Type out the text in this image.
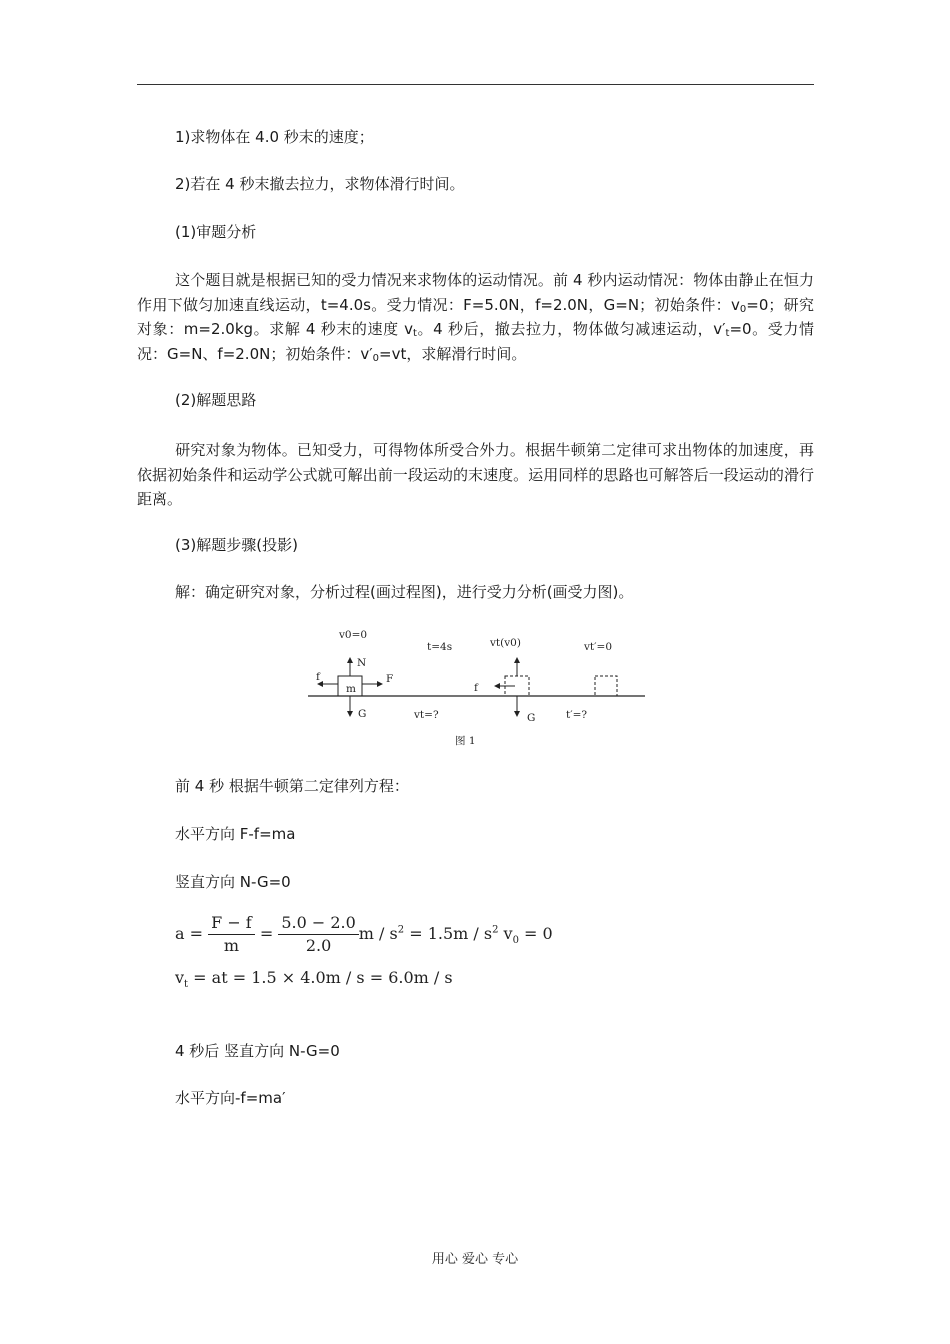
1)求物体在 4.0 秒末的速度；
2)若在 4 秒末撤去拉力，求物体滑行时间。
(1)审题分析
这个题目就是根据已知的受力情况来求物体的运动情况。前 4 秒内运动情况：物体由静止在恒力作用下做匀加速直线运动，t=4.0s。受力情况：F=5.0N，f=2.0N，G=N；初始条件：$v_0=0$；研究对象：m=2.0kg。求解 4 秒末的速度 $v_t$。4 秒后，撤去拉力，物体做匀减速运动，$v'_t=0$。受力情况：G=N、f=2.0N；初始条件：$v'_0=vt$，求解滑行时间。
(2)解题思路
研究对象为物体。已知受力，可得物体所受合外力。根据牛顿第二定律可求出物体的加速度，再依据初始条件和运动学公式就可解出前一段运动的末速度。运用同样的思路也可解答后一段运动的滑行距离。
(3)解题步骤(投影)
解：确定研究对象，分析过程(画过程图)，进行受力分析(画受力图)。
v0=0
t=4s	vt(v0)	vt′=0
N
F
f
m
G	vt=?
f
G	t′=?
图 1
前 4 秒 根据牛顿第二定律列方程：
水平方向 F-f=ma
竖直方向 N-G=0
$a = \frac{F - f}{m} = \frac{5.0 - 2.0}{2.0}$ $m / s^2 = 1.5m / s^2$ $v_0 = 0$
$v_t$ = at = 1.5 × 4.0m / s = 6.0m / s
4 秒后 竖直方向 N-G=0
水平方向-f=ma′
用心 爱心 专心
